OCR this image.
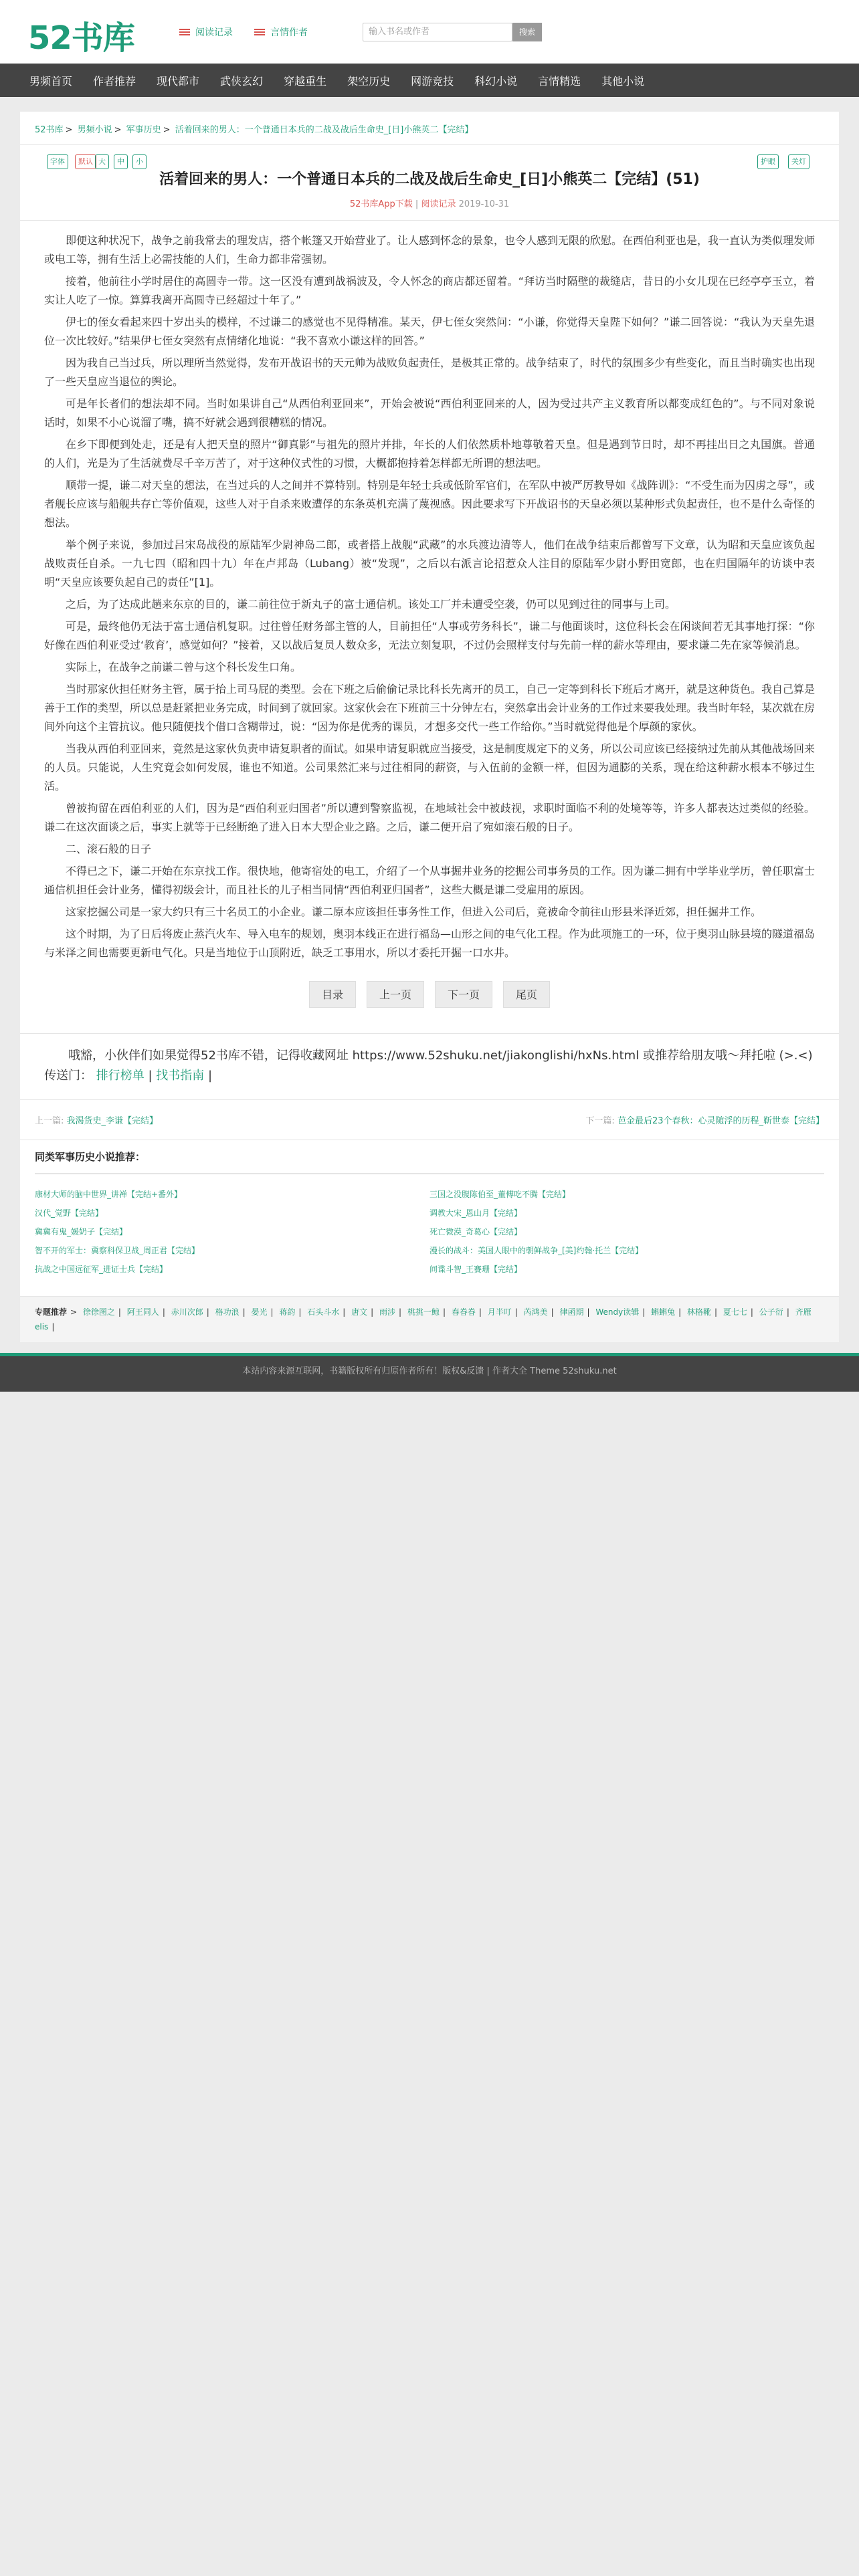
52书库	阅读记录	言情作者	输入书名或作者	搜索
男频首页 作者推荐 现代都市 武侠玄幻 穿越重生 架空历史 网游竞技 科幻小说 言情精选 其他小说
52书库 > 男频小说 > 军事历史 > 活着回来的男人：一个普通日本兵的二战及战后生命史_[日]小熊英二【完结】
字体	默认 大	中	小	护眼	关灯
活着回来的男人：一个普通日本兵的二战及战后生命史_[日]小熊英二【完结】(51)
52书库App下载 | 阅读记录 2019-10-31

即便这种状况下，战争之前我常去的理发店，搭个帐篷又开始营业了。让人感到怀念的景象，也令人感到无限的欣慰。在西伯利亚也是，我一直认为类似理发师或电工等，拥有生活上必需技能的人们，生命力都非常强韧。

接着，他前往小学时居住的高圆寺一带。这一区没有遭到战祸波及，令人怀念的商店都还留着。“拜访当时隔壁的裁缝店，昔日的小女儿现在已经亭亭玉立，着实让人吃了一惊。算算我离开高圆寺已经超过十年了。”

伊七的侄女看起来四十岁出头的模样，不过谦二的感觉也不见得精准。某天，伊七侄女突然问：“小谦，你觉得天皇陛下如何？”谦二回答说：“我认为天皇先退位一次比较好。”结果伊七侄女突然有点情绪化地说：“我不喜欢小谦这样的回答。”

因为我自己当过兵，所以理所当然觉得，发布开战诏书的天元帅为战败负起责任，是极其正常的。战争结束了，时代的氛围多少有些变化，而且当时确实也出现了一些天皇应当退位的舆论。

可是年长者们的想法却不同。当时如果讲自己“从西伯利亚回来”，开始会被说“西伯利亚回来的人，因为受过共产主义教育所以都变成红色的”。与不同对象说话时，如果不小心说溜了嘴，搞不好就会遇到很糟糕的情况。

在乡下即便到处走，还是有人把天皇的照片“御真影”与祖先的照片并排，年长的人们依然质朴地尊敬着天皇。但是遇到节日时，却不再挂出日之丸国旗。普通的人们，光是为了生活就费尽千辛万苦了，对于这种仪式性的习惯，大概都抱持着怎样都无所谓的想法吧。

顺带一提，谦二对天皇的想法，在当过兵的人之间并不算特别。特别是年轻士兵或低阶军官们，在军队中被严厉教导如《战阵训》：“不受生而为囚虏之辱”，或者舰长应该与船舰共存亡等价值观，这些人对于自杀来败遭俘的东条英机充满了蔑视感。因此要求写下开战诏书的天皇必须以某种形式负起责任，也不是什么奇怪的想法。

举个例子来说，参加过吕宋岛战役的原陆军少尉神岛二郎，或者搭上战舰“武藏”的水兵渡边清等人，他们在战争结束后都曾写下文章，认为昭和天皇应该负起战败责任自杀。一九七四（昭和四十九）年在卢邦岛（Lubang）被“发现”，之后以右派言论招惹众人注目的原陆军少尉小野田宽郎，也在归国隔年的访谈中表明“天皇应该要负起自己的责任”[1]。

之后，为了达成此趟来东京的目的，谦二前往位于新丸子的富士通信机。该处工厂并未遭受空袭，仍可以见到过往的同事与上司。

可是，最终他仍无法于富士通信机复职。过往曾任财务部主管的人，目前担任“人事或劳务科长”，谦二与他面谈时，这位科长会在闲谈间若无其事地打探：“你好像在西伯利亚受过‘教育’，感觉如何？”接着，又以战后复员人数众多，无法立刻复职，不过仍会照样支付与先前一样的薪水等理由，要求谦二先在家等候消息。

实际上，在战争之前谦二曾与这个科长发生口角。

当时那家伙担任财务主管，属于抬上司马屁的类型。会在下班之后偷偷记录比科长先离开的员工，自己一定等到科长下班后才离开，就是这种货色。我自己算是善于工作的类型，所以总是赶紧把业务完成，时间到了就回家。这家伙会在下班前三十分钟左右，突然拿出会计业务的工作过来要我处理。我当时年轻，某次就在房间外向这个主管抗议。他只随便找个借口含糊带过，说：“因为你是优秀的课员，才想多交代一些工作给你。”当时就觉得他是个厚颜的家伙。

当我从西伯利亚回来，竟然是这家伙负责申请复职者的面试。如果申请复职就应当接受，这是制度规定下的义务，所以公司应该已经接纳过先前从其他战场回来的人员。只能说，人生究竟会如何发展，谁也不知道。公司果然汇来与过往相同的薪资，与入伍前的金额一样，但因为通膨的关系，现在给这种薪水根本不够过生活。

曾被拘留在西伯利亚的人们，因为是“西伯利亚归国者”所以遭到警察监视，在地域社会中被歧视，求职时面临不利的处境等等，许多人都表达过类似的经验。谦二在这次面谈之后，事实上就等于已经断绝了进入日本大型企业之路。之后，谦二便开启了宛如滚石般的日子。

二、滚石般的日子

不得已之下，谦二开始在东京找工作。很快地，他寄宿处的电工，介绍了一个从事掘井业务的挖掘公司事务员的工作。因为谦二拥有中学毕业学历，曾任职富士通信机担任会计业务，懂得初级会计，而且社长的儿子相当同情“西伯利亚归国者”，这些大概是谦二受雇用的原因。

这家挖掘公司是一家大约只有三十名员工的小企业。谦二原本应该担任事务性工作，但进入公司后，竟被命令前往山形县米泽近郊，担任掘井工作。

这个时期，为了日后将废止蒸汽火车、导入电车的规划，奥羽本线正在进行福岛—山形之间的电气化工程。作为此项施工的一环，位于奥羽山脉县境的隧道福岛与米泽之间也需要更新电气化。只是当地位于山顶附近，缺乏工事用水，所以才委托开掘一口水井。

目录	上一页	下一页	尾页

哦豁，小伙伴们如果觉得52书库不错，记得收藏网址 https://www.52shuku.net/jiakonglishi/hxNs.html 或推荐给朋友哦～拜托啦 (>.<)

传送门： 排行榜单 | 找书指南 |
上一篇: 我渴货史_李谦【完结】	下一篇: 芭金最后23个春秋：心灵随浮的历程_靳世泰【完结】
同类军事历史小说推荐：
康材大师的脑中世界_讲禅【完结+番外】	三国之没腹陈伯至_董傅吃不腾【完结】
汉代_觉野【完结】	调教大宋_恩山月【完结】
冀冀有鬼_媛奶子【完结】	死亡微漠_奇葛心【完结】
智不开的军士：冀察科保卫战_周正君【完结】	漫长的战斗：美国人眼中的朝鲜战争_[美]约翰·托兰【完结】
抗战之中国远征军_进证士兵【完结】	间谍斗智_王賽珊【完结】
专题推荐 > 徐徐图之 | 阿王同人 | 赤川次郎 | 格功浪 | 晏光 | 蒋韵 | 石头斗水 | 唐文 | 雨涉 | 桃挑一鲸 | 春眷眷 | 月半叮 | 芮鸿美 | 律函期 | Wendy读辑 | 蝌蝌兔 | 林格靴 | 夏七七 | 公子衍 | 齐雁elis |
本站内容来源互联网，书籍版权所有归原作者所有！版权&反馈 | 作者大全 Theme 52shuku.net
